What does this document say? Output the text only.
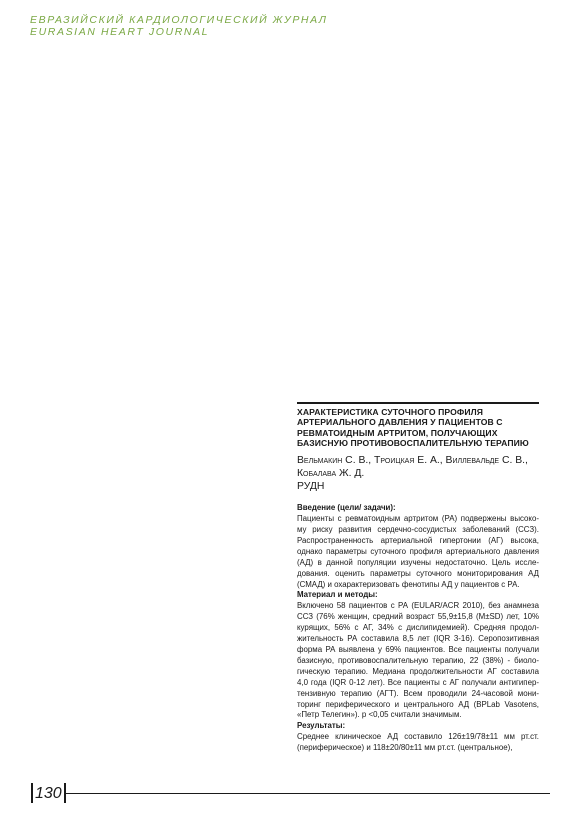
ЕВРАЗИЙСКИЙ КАРДИОЛОГИЧЕСКИЙ ЖУРНАЛ
EURASIAN HEART JOURNAL
ХАРАКТЕРИСТИКА СУТОЧНОГО ПРОФИЛЯ АРТЕРИАЛЬНОГО ДАВЛЕНИЯ У ПАЦИЕНТОВ С РЕВМАТОИДНЫМ АРТРИТОМ, ПОЛУЧАЮЩИХ БАЗИСНУЮ ПРОТИВОВОСПАЛИТЕЛЬНУЮ ТЕРАПИЮ
Вельмакин С. В., Троицкая Е. А., Виллевальде С. В., Кобалава Ж. Д.
РУДН
Введение (цели/ задачи):
Пациенты с ревматоидным артритом (РА) подвержены высоко-му риску развития сердечно-сосудистых заболеваний (ССЗ). Распространенность артериальной гипертонии (АГ) высока, однако параметры суточного профиля артериального давления (АД) в данной популяции изучены недостаточно. Цель иссле-дования. оценить параметры суточного мониторирования АД (СМАД) и охарактеризовать фенотипы АД у пациентов с РА.
Материал и методы:
Включено 58 пациентов с РА (EULAR/ACR 2010), без анамнеза ССЗ (76% женщин, средний возраст 55,9±15,8 (M±SD) лет, 10% курящих, 56% с АГ, 34% с дислипидемией). Средняя продол-жительность РА составила 8,5 лет (IQR 3-16). Серопозитивная форма РА выявлена у 69% пациентов. Все пациенты получали базисную, противовоспалительную терапию, 22 (38%) - биоло-гическую терапию. Медиана продолжительности АГ составила 4,0 года (IQR 0-12 лет). Все пациенты с АГ получали антигипер-тензивную терапию (АГТ). Всем проводили 24-часовой мони-торинг периферического и центрального АД (BPLab Vasotens, «Петр Телегин»). p <0,05 считали значимым.
Результаты:
Среднее клиническое АД составило 126±19/78±11 мм рт.ст. (периферическое) и 118±20/80±11 мм рт.ст. (центральное),
130
